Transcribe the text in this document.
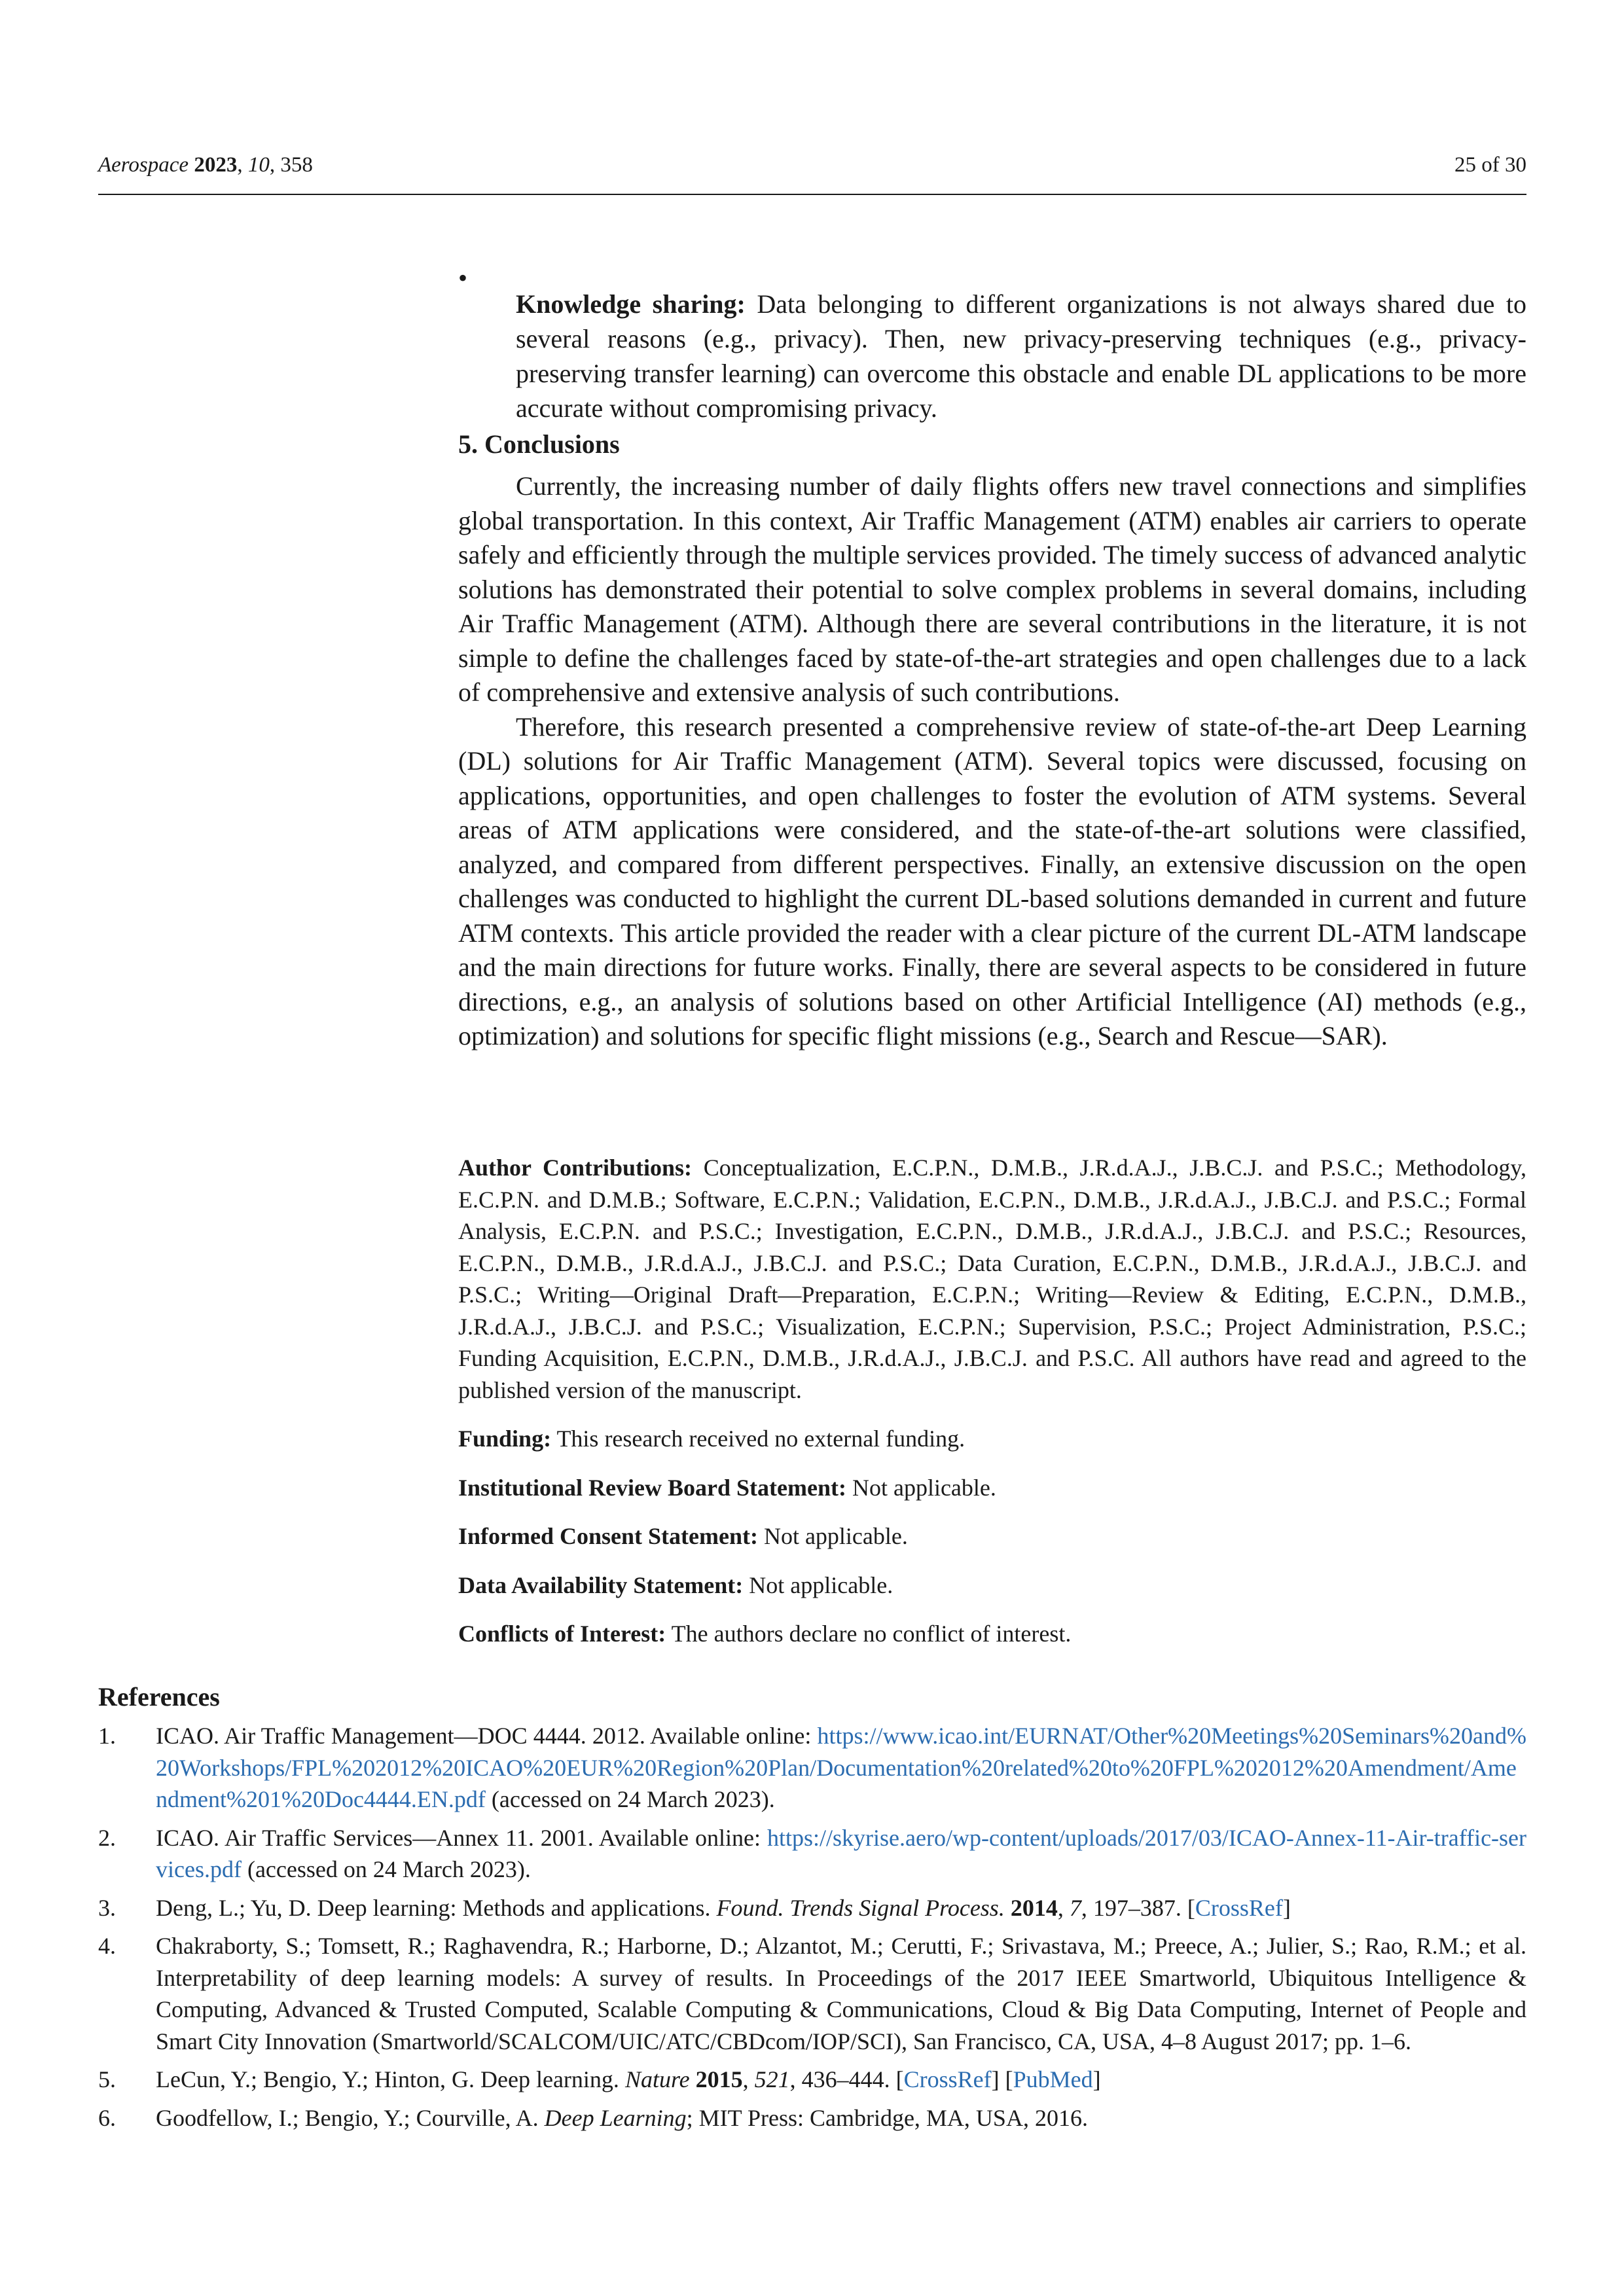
Aerospace 2023, 10, 358	25 of 30
•

Knowledge sharing: Data belonging to different organizations is not always shared due to several reasons (e.g., privacy). Then, new privacy-preserving techniques (e.g., privacy-preserving transfer learning) can overcome this obstacle and enable DL applications to be more accurate without compromising privacy.

5. Conclusions

Currently, the increasing number of daily flights offers new travel connections and simplifies global transportation. In this context, Air Traffic Management (ATM) enables air carriers to operate safely and efficiently through the multiple services provided. The timely success of advanced analytic solutions has demonstrated their potential to solve complex problems in several domains, including Air Traffic Management (ATM). Although there are several contributions in the literature, it is not simple to define the challenges faced by state-of-the-art strategies and open challenges due to a lack of comprehensive and extensive analysis of such contributions.

Therefore, this research presented a comprehensive review of state-of-the-art Deep Learning (DL) solutions for Air Traffic Management (ATM). Several topics were discussed, focusing on applications, opportunities, and open challenges to foster the evolution of ATM systems. Several areas of ATM applications were considered, and the state-of-the-art solutions were classified, analyzed, and compared from different perspectives. Finally, an extensive discussion on the open challenges was conducted to highlight the current DL-based solutions demanded in current and future ATM contexts. This article provided the reader with a clear picture of the current DL-ATM landscape and the main directions for future works. Finally, there are several aspects to be considered in future directions, e.g., an analysis of solutions based on other Artificial Intelligence (AI) methods (e.g., optimization) and solutions for specific flight missions (e.g., Search and Rescue—SAR).

Author Contributions: Conceptualization, E.C.P.N., D.M.B., J.R.d.A.J., J.B.C.J. and P.S.C.; Methodology, E.C.P.N. and D.M.B.; Software, E.C.P.N.; Validation, E.C.P.N., D.M.B., J.R.d.A.J., J.B.C.J. and P.S.C.; Formal Analysis, E.C.P.N. and P.S.C.; Investigation, E.C.P.N., D.M.B., J.R.d.A.J., J.B.C.J. and P.S.C.; Resources, E.C.P.N., D.M.B., J.R.d.A.J., J.B.C.J. and P.S.C.; Data Curation, E.C.P.N., D.M.B., J.R.d.A.J., J.B.C.J. and P.S.C.; Writing—Original Draft—Preparation, E.C.P.N.; Writing—Review & Editing, E.C.P.N., D.M.B., J.R.d.A.J., J.B.C.J. and P.S.C.; Visualization, E.C.P.N.; Supervision, P.S.C.; Project Administration, P.S.C.; Funding Acquisition, E.C.P.N., D.M.B., J.R.d.A.J., J.B.C.J. and P.S.C. All authors have read and agreed to the published version of the manuscript.

Funding: This research received no external funding.

Institutional Review Board Statement: Not applicable.

Informed Consent Statement: Not applicable.

Data Availability Statement: Not applicable.

Conflicts of Interest: The authors declare no conflict of interest.

References
1. ICAO. Air Traffic Management—DOC 4444. 2012. Available online: https://www.icao.int/EURNAT/Other%20Meetings%20Seminars%20and%20Workshops/FPL%202012%20ICAO%20EUR%20Region%20Plan/Documentation%20related%20to%20FPL%202012%20Amendment/Amendment%201%20Doc4444.EN.pdf (accessed on 24 March 2023).
2. ICAO. Air Traffic Services—Annex 11. 2001. Available online: https://skyrise.aero/wp-content/uploads/2017/03/ICAO-Annex-11-Air-traffic-services.pdf (accessed on 24 March 2023).
3. Deng, L.; Yu, D. Deep learning: Methods and applications. Found. Trends Signal Process. 2014, 7, 197–387. [CrossRef]
4. Chakraborty, S.; Tomsett, R.; Raghavendra, R.; Harborne, D.; Alzantot, M.; Cerutti, F.; Srivastava, M.; Preece, A.; Julier, S.; Rao, R.M.; et al. Interpretability of deep learning models: A survey of results. In Proceedings of the 2017 IEEE Smartworld, Ubiquitous Intelligence & Computing, Advanced & Trusted Computed, Scalable Computing & Communications, Cloud & Big Data Computing, Internet of People and Smart City Innovation (Smartworld/SCALCOM/UIC/ATC/CBDcom/IOP/SCI), San Francisco, CA, USA, 4–8 August 2017; pp. 1–6.
5. LeCun, Y.; Bengio, Y.; Hinton, G. Deep learning. Nature 2015, 521, 436–444. [CrossRef] [PubMed]
6. Goodfellow, I.; Bengio, Y.; Courville, A. Deep Learning; MIT Press: Cambridge, MA, USA, 2016.
